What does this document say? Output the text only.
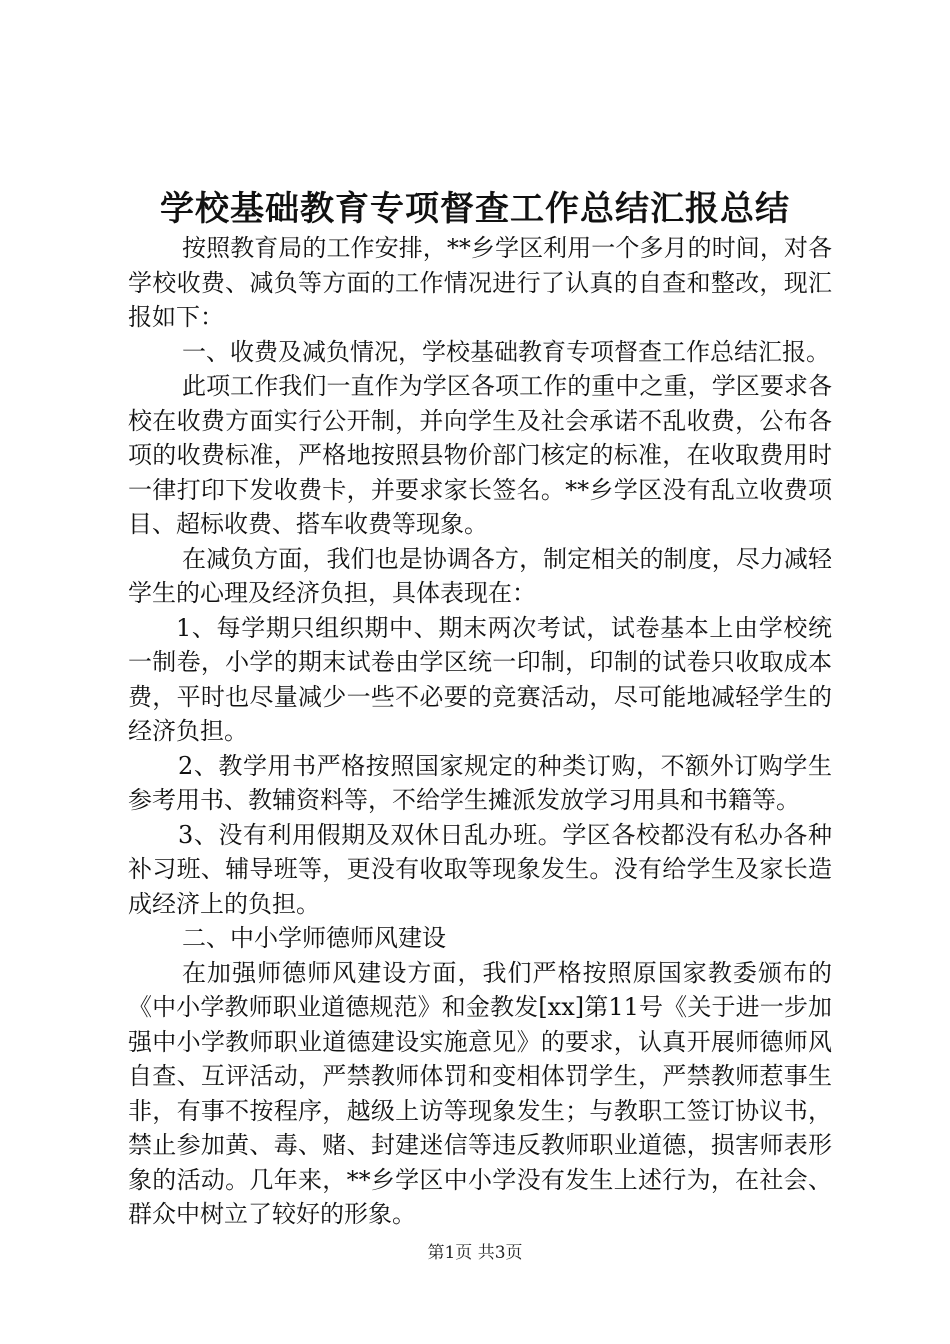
学校基础教育专项督查工作总结汇报总结

按照教育局的工作安排，**乡学区利用一个多月的时间，对各学校收费、减负等方面的工作情况进行了认真的自查和整改，现汇报如下：

一、收费及减负情况，学校基础教育专项督查工作总结汇报。

此项工作我们一直作为学区各项工作的重中之重，学区要求各校在收费方面实行公开制，并向学生及社会承诺不乱收费，公布各项的收费标准，严格地按照县物价部门核定的标准，在收取费用时一律打印下发收费卡，并要求家长签名。**乡学区没有乱立收费项目、超标收费、搭车收费等现象。

在减负方面，我们也是协调各方，制定相关的制度，尽力减轻学生的心理及经济负担，具体表现在：

1、每学期只组织期中、期末两次考试，试卷基本上由学校统一制卷，小学的期末试卷由学区统一印制，印制的试卷只收取成本费，平时也尽量减少一些不必要的竞赛活动，尽可能地减轻学生的经济负担。

2、教学用书严格按照国家规定的种类订购，不额外订购学生参考用书、教辅资料等，不给学生摊派发放学习用具和书籍等。

3、没有利用假期及双休日乱办班。学区各校都没有私办各种补习班、辅导班等，更没有收取等现象发生。没有给学生及家长造成经济上的负担。

二、中小学师德师风建设

在加强师德师风建设方面，我们严格按照原国家教委颁布的《中小学教师职业道德规范》和金教发[xx]第11号《关于进一步加强中小学教师职业道德建设实施意见》的要求，认真开展师德师风自查、互评活动，严禁教师体罚和变相体罚学生，严禁教师惹事生非，有事不按程序，越级上访等现象发生；与教职工签订协议书，禁止参加黄、毒、赌、封建迷信等违反教师职业道德，损害师表形象的活动。几年来，**乡学区中小学没有发生上述行为，在社会、群众中树立了较好的形象。

第1页 共3页
